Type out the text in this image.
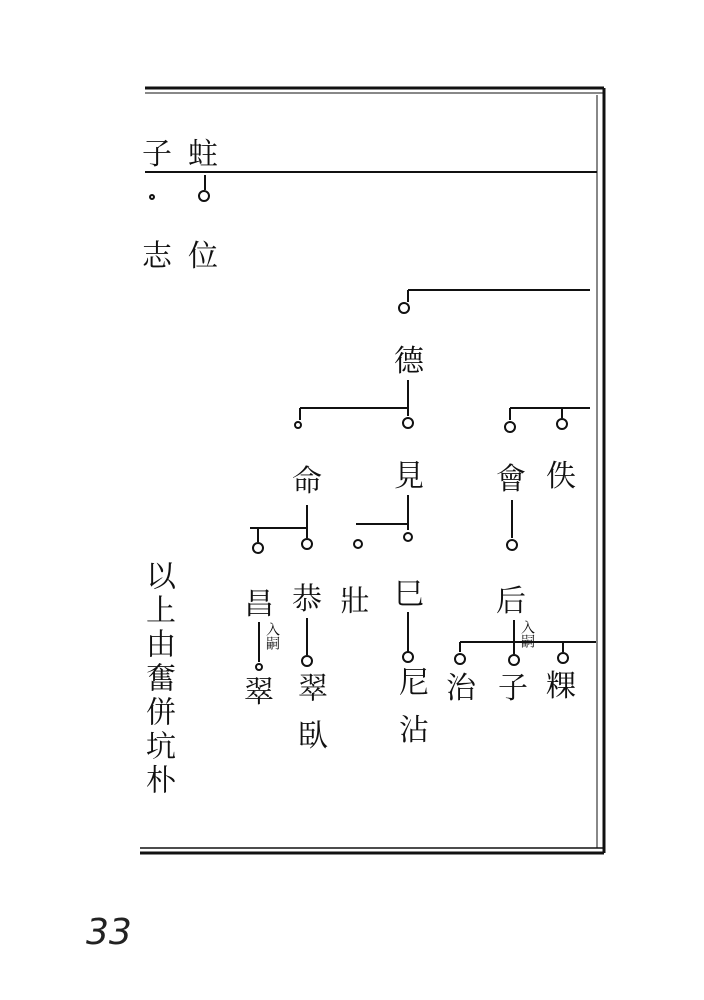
子 蛀
志 位
德
見
命	會 佚
巳
壯
恭
昌	后
入嗣	入嗣
翠 翠 臥 尼 沾 子
治 粿
以上由奮併坑朴
33
